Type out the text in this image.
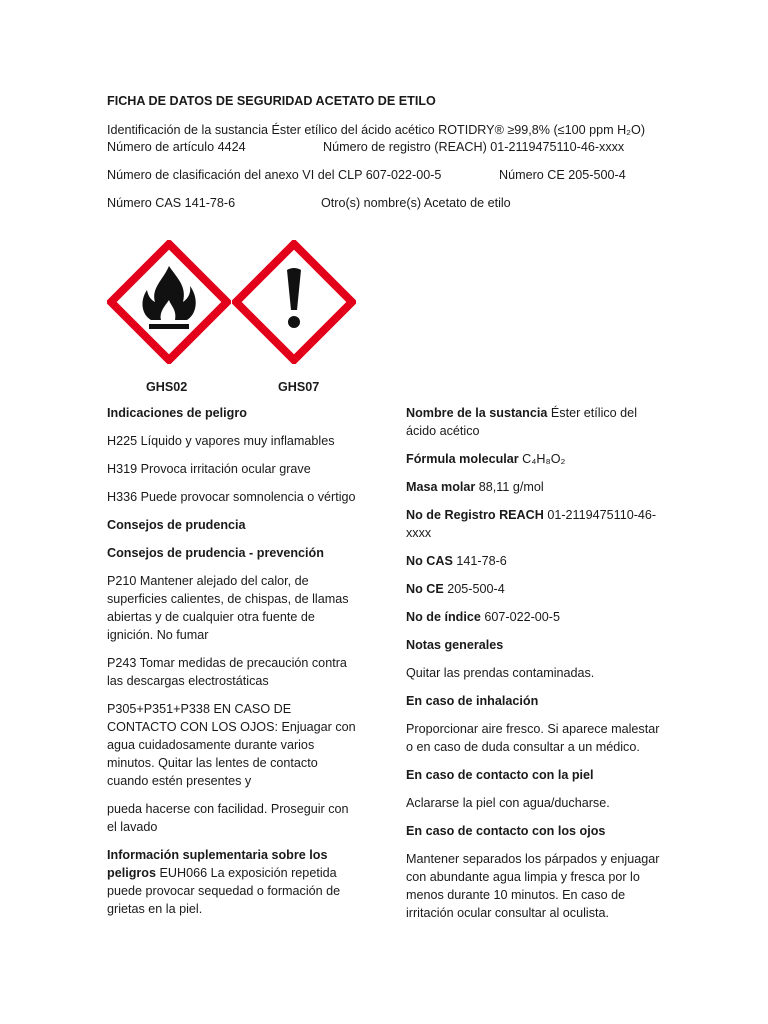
FICHA DE DATOS DE SEGURIDAD ACETATO DE ETILO
Identificación de la sustancia Éster etílico del ácido acético ROTIDRY® ≥99,8% (≤100 ppm H₂O)
Número de artículo 4424	Número de registro (REACH) 01-2119475110-46-xxxx
Número de clasificación del anexo VI del CLP 607-022-00-5	Número CE 205-500-4
Número CAS 141-78-6	Otro(s) nombre(s) Acetato de etilo
GHS02	GHS07

Indicaciones de peligro

H225 Líquido y vapores muy inflamables

H319 Provoca irritación ocular grave

H336 Puede provocar somnolencia o vértigo

Consejos de prudencia

Consejos de prudencia - prevención

P210 Mantener alejado del calor, de superficies calientes, de chispas, de llamas abiertas y de cualquier otra fuente de ignición. No fumar

P243 Tomar medidas de precaución contra las descargas electrostáticas

P305+P351+P338 EN CASO DE CONTACTO CON LOS OJOS: Enjuagar con agua cuidadosamente durante varios minutos. Quitar las lentes de contacto cuando estén presentes y

pueda hacerse con facilidad. Proseguir con el lavado

Información suplementaria sobre los peligros EUH066 La exposición repetida puede provocar sequedad o formación de grietas en la piel.

Nombre de la sustancia Éster etílico del ácido acético

Fórmula molecular C₄H₈O₂

Masa molar 88,11 g/mol

No de Registro REACH 01-2119475110-46-xxxx

No CAS 141-78-6

No CE 205-500-4

No de índice 607-022-00-5

Notas generales

Quitar las prendas contaminadas.

En caso de inhalación

Proporcionar aire fresco. Si aparece malestar o en caso de duda consultar a un médico.

En caso de contacto con la piel

Aclararse la piel con agua/ducharse.

En caso de contacto con los ojos

Mantener separados los párpados y enjuagar con abundante agua limpia y fresca por lo menos durante 10 minutos. En caso de irritación ocular consultar al oculista.
